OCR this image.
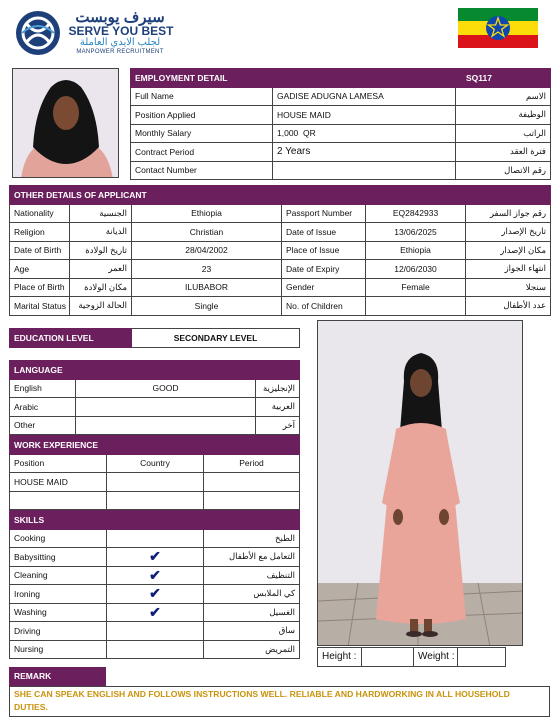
سيرف يوبست
SERVE YOU BEST
لجلب الايدي العاملة
MANPOWER RECRUITMENT
EMPLOYMENT DETAIL		SQ117
Full Name	GADISE ADUGNA LAMESA	الاسم
Position Applied	HOUSE MAID	الوظيفة
Monthly Salary	1,000  QR	الراتب
Contract Period	2 Years	فترة العقد
Contact Number		رقم الاتصال
OTHER DETAILS OF APPLICANT					
Nationality	الجنسية	Ethiopia	Passport Number	EQ2842933	رقم جواز السفر
Religion	الديانة	Christian	Date of Issue	13/06/2025	تاريخ الإصدار
Date of Birth	تاريخ الولادة	28/04/2002	Place of Issue	Ethiopia	مكان الإصدار
Age	العمر	23	Date of Expiry	12/06/2030	انتهاء الجواز
Place of Birth	مكان الولادة	ILUBABOR	Gender	Female	سنجلا
Marital Status	الحالة الزوجية	Single	No. of Children		عدد الأطفال
EDUCATION LEVEL	SECONDARY LEVEL
LANGUAGE		
English	GOOD	الإنجليزية
Arabic		العربية
Other		آخر
WORK EXPERIENCE		
Position	Country	Period
HOUSE MAID		

SKILLS		
Cooking		الطبخ
Babysitting	✔	التعامل مع الأطفال
Cleaning	✔	التنظيف
Ironing	✔	كي الملابس
Washing	✔	الغسيل
Driving		ساق
Nursing		التمريض
Height :		Weight :	
REMARK
SHE CAN SPEAK ENGLISH AND FOLLOWS INSTRUCTIONS WELL. RELIABLE AND HARDWORKING IN ALL HOUSEHOLD DUTIES.
